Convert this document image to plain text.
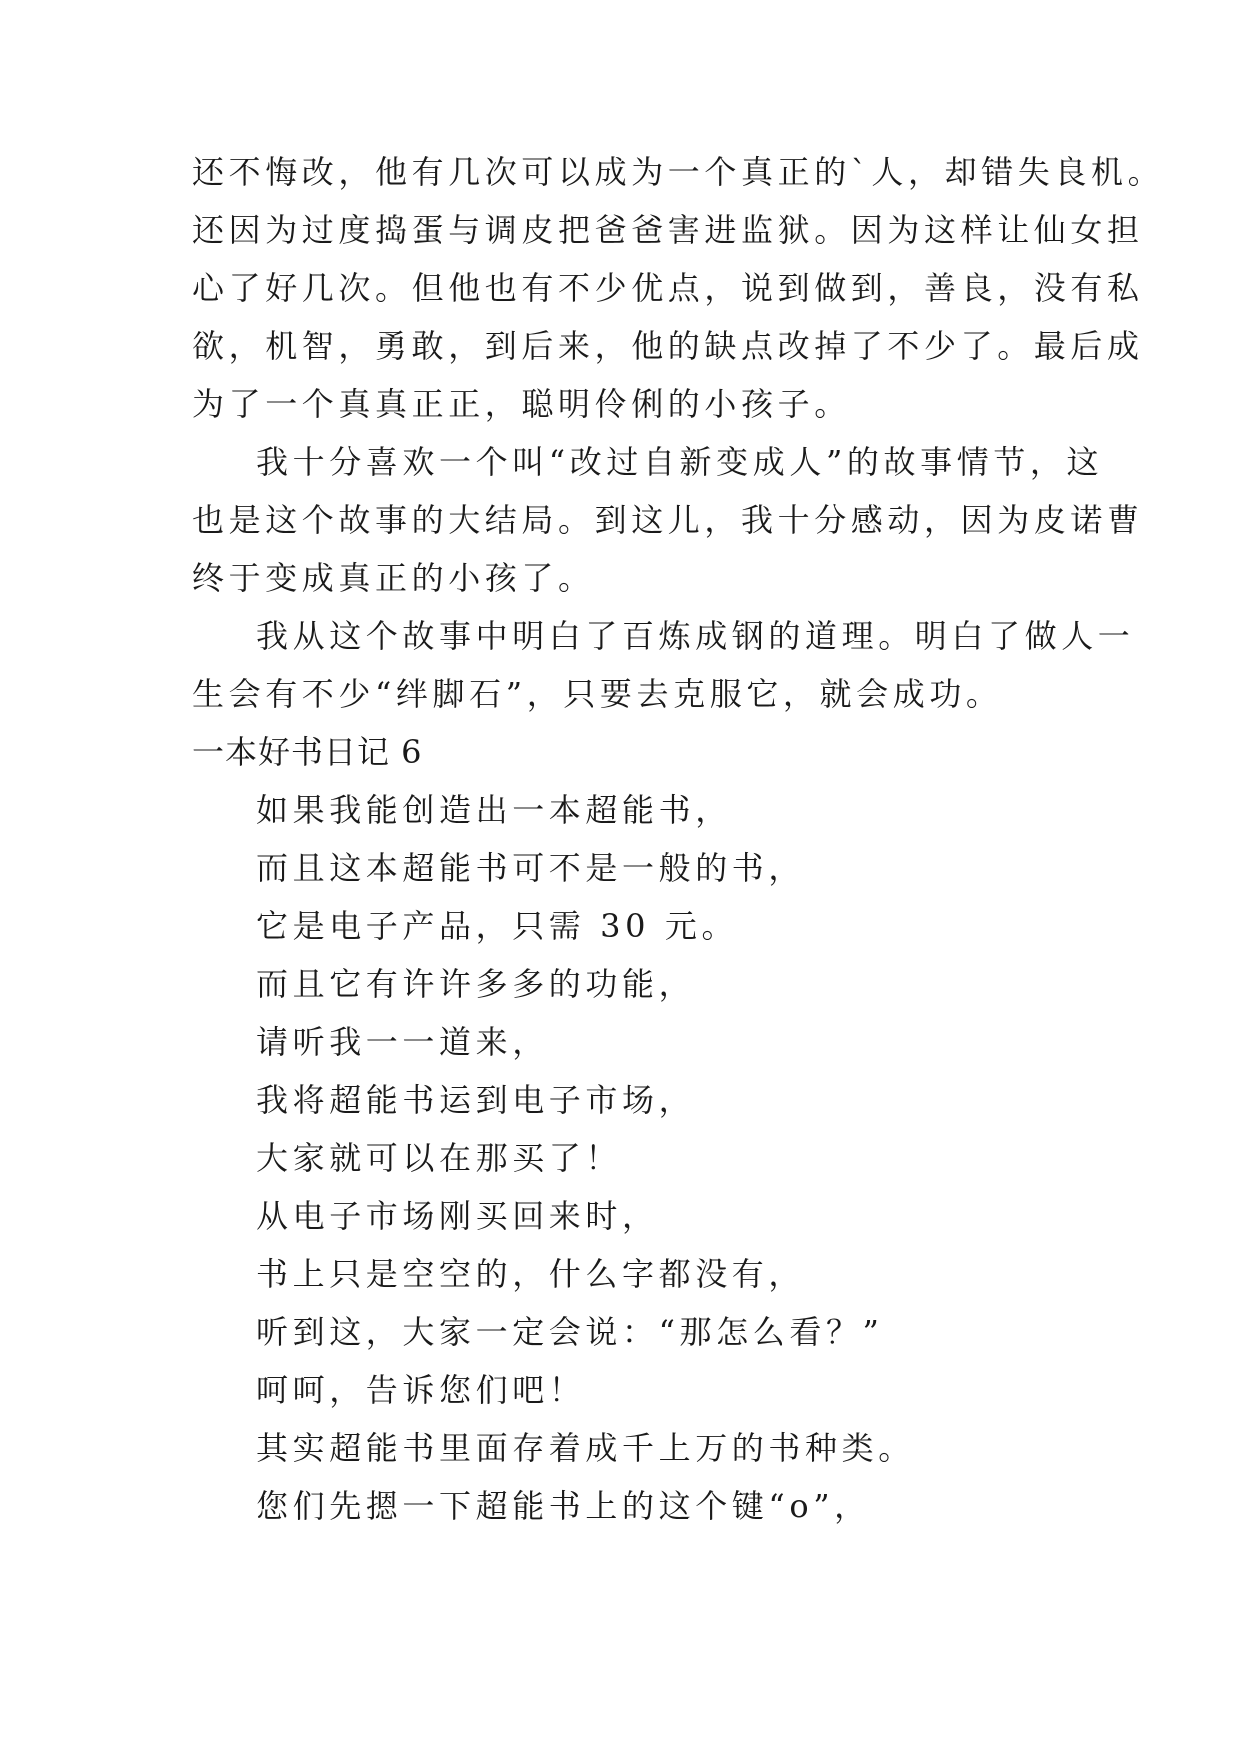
还不悔改，他有几次可以成为一个真正的`人，却错失良机。
还因为过度捣蛋与调皮把爸爸害进监狱。因为这样让仙女担
心了好几次。但他也有不少优点，说到做到，善良，没有私
欲，机智，勇敢，到后来，他的缺点改掉了不少了。最后成
为了一个真真正正，聪明伶俐的小孩子。
我十分喜欢一个叫“改过自新变成人”的故事情节，这
也是这个故事的大结局。到这儿，我十分感动，因为皮诺曹
终于变成真正的小孩了。
我从这个故事中明白了百炼成钢的道理。明白了做人一
生会有不少“绊脚石”，只要去克服它，就会成功。
一本好书日记 6
如果我能创造出一本超能书，
而且这本超能书可不是一般的书，
它是电子产品，只需 30 元。
而且它有许许多多的功能，
请听我一一道来，
我将超能书运到电子市场，
大家就可以在那买了！
从电子市场刚买回来时，
书上只是空空的，什么字都没有，
听到这，大家一定会说：“那怎么看？”
呵呵，告诉您们吧！
其实超能书里面存着成千上万的书种类。
您们先摁一下超能书上的这个键“o”，
